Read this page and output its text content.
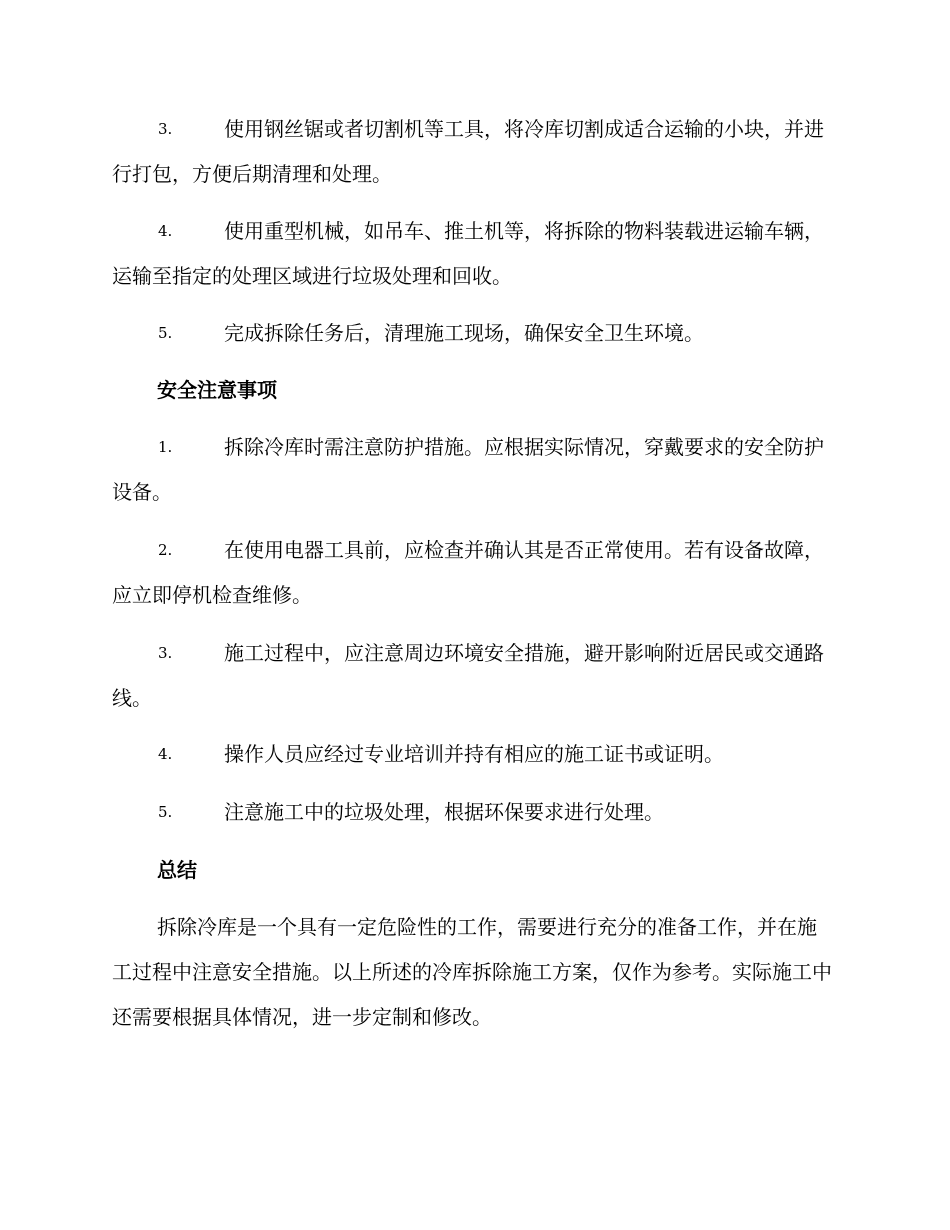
3.	使用钢丝锯或者切割机等工具，将冷库切割成适合运输的小块，并进行打包，方便后期清理和处理。

4.	使用重型机械，如吊车、推土机等，将拆除的物料装载进运输车辆，运输至指定的处理区域进行垃圾处理和回收。

5.	完成拆除任务后，清理施工现场，确保安全卫生环境。

安全注意事项
1.	拆除冷库时需注意防护措施。应根据实际情况，穿戴要求的安全防护设备。

2.	在使用电器工具前，应检查并确认其是否正常使用。若有设备故障，应立即停机检查维修。

3.	施工过程中，应注意周边环境安全措施，避开影响附近居民或交通路线。

4.	操作人员应经过专业培训并持有相应的施工证书或证明。

5.	注意施工中的垃圾处理，根据环保要求进行处理。

总结

拆除冷库是一个具有一定危险性的工作，需要进行充分的准备工作，并在施工过程中注意安全措施。以上所述的冷库拆除施工方案，仅作为参考。实际施工中还需要根据具体情况，进一步定制和修改。
